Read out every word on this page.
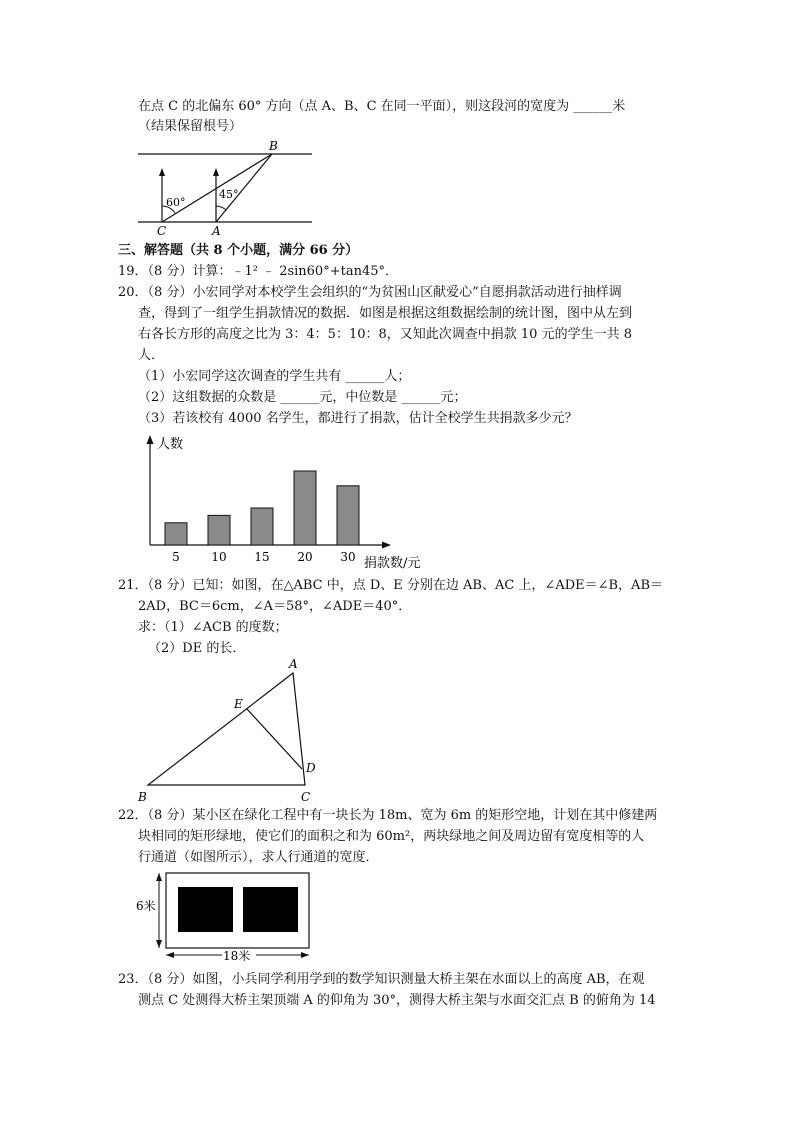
在点 C 的北偏东 60° 方向（点 A、B、C 在同一平面），则这段河的宽度为 ______米
（结果保留根号）
B
C	A
60°
45°
三、解答题（共 8 个小题，满分 66 分）
19．（8 分）计算：﹣1² ﹣ 2sin60°+tan45°．
20．（8 分）小宏同学对本校学生会组织的“为贫困山区献爱心”自愿捐款活动进行抽样调
查，得到了一组学生捐款情况的数据．如图是根据这组数据绘制的统计图，图中从左到
右各长方形的高度之比为 3：4：5：10：8，又知此次调查中捐款 10 元的学生一共 8
人．
（1）小宏同学这次调查的学生共有 ______人；
（2）这组数据的众数是 ______元，中位数是 ______元；
（3）若该校有 4000 名学生，都进行了捐款，估计全校学生共捐款多少元？
人数
捐款数/元
5	10 15 20 30
21．（8 分）已知：如图，在△ABC 中，点 D、E 分别在边 AB、AC 上，∠ADE＝∠B，AB＝
2AD，BC＝6cm，∠A＝58°，∠ADE＝40°．
求：（1）∠ACB 的度数；
（2）DE 的长．
A
B	C
D
E
22．（8 分）某小区在绿化工程中有一块长为 18m、宽为 6m 的矩形空地，计划在其中修建两
块相同的矩形绿地，使它们的面积之和为 60m²，两块绿地之间及周边留有宽度相等的人
行通道（如图所示），求人行通道的宽度．
6米
18米
23．（8 分）如图，小兵同学利用学到的数学知识测量大桥主架在水面以上的高度 AB，在观
测点 C 处测得大桥主架顶端 A 的仰角为 30°，测得大桥主架与水面交汇点 B 的俯角为 14
